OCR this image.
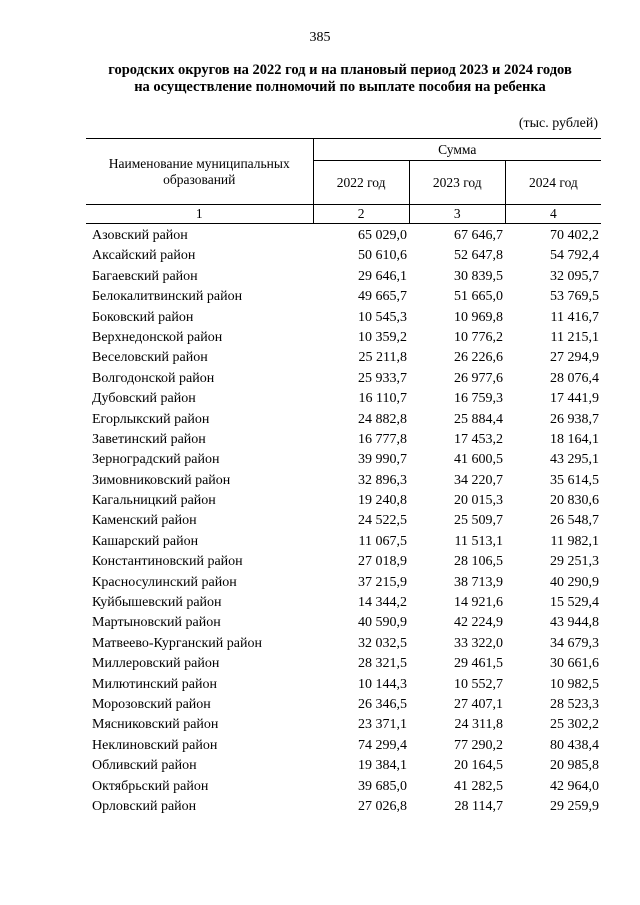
385
городских округов на 2022 год и на плановый период 2023 и 2024 годов
на осуществление полномочий по выплате пособия на ребенка
(тыс. рублей)
Наименование муниципальных образований	Сумма		
	2022 год	2023 год	2024 год
1	2	3	4
Азовский район	65 029,0	67 646,7	70 402,2
Аксайский район	50 610,6	52 647,8	54 792,4
Багаевский район	29 646,1	30 839,5	32 095,7
Белокалитвинский район	49 665,7	51 665,0	53 769,5
Боковский район	10 545,3	10 969,8	11 416,7
Верхнедонской район	10 359,2	10 776,2	11 215,1
Веселовский район	25 211,8	26 226,6	27 294,9
Волгодонской район	25 933,7	26 977,6	28 076,4
Дубовский район	16 110,7	16 759,3	17 441,9
Егорлыкский район	24 882,8	25 884,4	26 938,7
Заветинский район	16 777,8	17 453,2	18 164,1
Зерноградский район	39 990,7	41 600,5	43 295,1
Зимовниковский район	32 896,3	34 220,7	35 614,5
Кагальницкий район	19 240,8	20 015,3	20 830,6
Каменский район	24 522,5	25 509,7	26 548,7
Кашарский район	11 067,5	11 513,1	11 982,1
Константиновский район	27 018,9	28 106,5	29 251,3
Красносулинский район	37 215,9	38 713,9	40 290,9
Куйбышевский район	14 344,2	14 921,6	15 529,4
Мартыновский район	40 590,9	42 224,9	43 944,8
Матвеево-Курганский район	32 032,5	33 322,0	34 679,3
Миллеровский район	28 321,5	29 461,5	30 661,6
Милютинский район	10 144,3	10 552,7	10 982,5
Морозовский район	26 346,5	27 407,1	28 523,3
Мясниковский район	23 371,1	24 311,8	25 302,2
Неклиновский район	74 299,4	77 290,2	80 438,4
Обливский район	19 384,1	20 164,5	20 985,8
Октябрьский район	39 685,0	41 282,5	42 964,0
Орловский район	27 026,8	28 114,7	29 259,9
